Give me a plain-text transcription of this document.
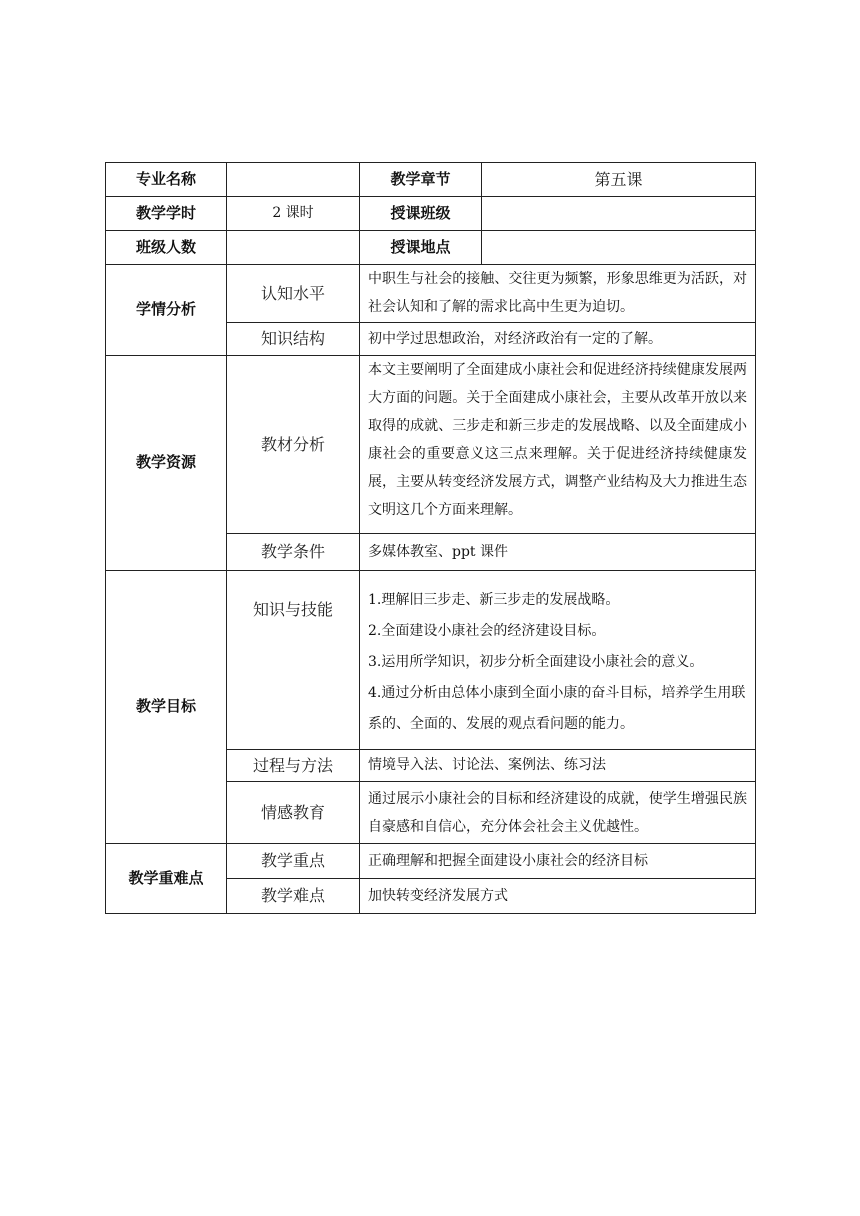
专业名称		教学章节	第五课
教学学时	2 课时	授课班级	
班级人数		授课地点	
学情分析	认知水平	中职生与社会的接触、交往更为频繁，形象思维更为活跃，对社会认知和了解的需求比高中生更为迫切。	
	知识结构	初中学过思想政治，对经济政治有一定的了解。	
教学资源	教材分析	本文主要阐明了全面建成小康社会和促进经济持续健康发展两大方面的问题。关于全面建成小康社会，主要从改革开放以来取得的成就、三步走和新三步走的发展战略、以及全面建成小康社会的重要意义这三点来理解。关于促进经济持续健康发展，主要从转变经济发展方式，调整产业结构及大力推进生态文明这几个方面来理解。	
	教学条件	多媒体教室、ppt 课件	
教学目标	知识与技能	1.理解旧三步走、新三步走的发展战略。

2.全面建设小康社会的经济建设目标。

3.运用所学知识，初步分析全面建设小康社会的意义。

4.通过分析由总体小康到全面小康的奋斗目标，培养学生用联系的、全面的、发展的观点看问题的能力。	

	过程与方法	情境导入法、讨论法、案例法、练习法	
	情感教育	通过展示小康社会的目标和经济建设的成就，使学生增强民族自豪感和自信心，充分体会社会主义优越性。	
教学重难点	教学重点	正确理解和把握全面建设小康社会的经济目标	
	教学难点	加快转变经济发展方式	
